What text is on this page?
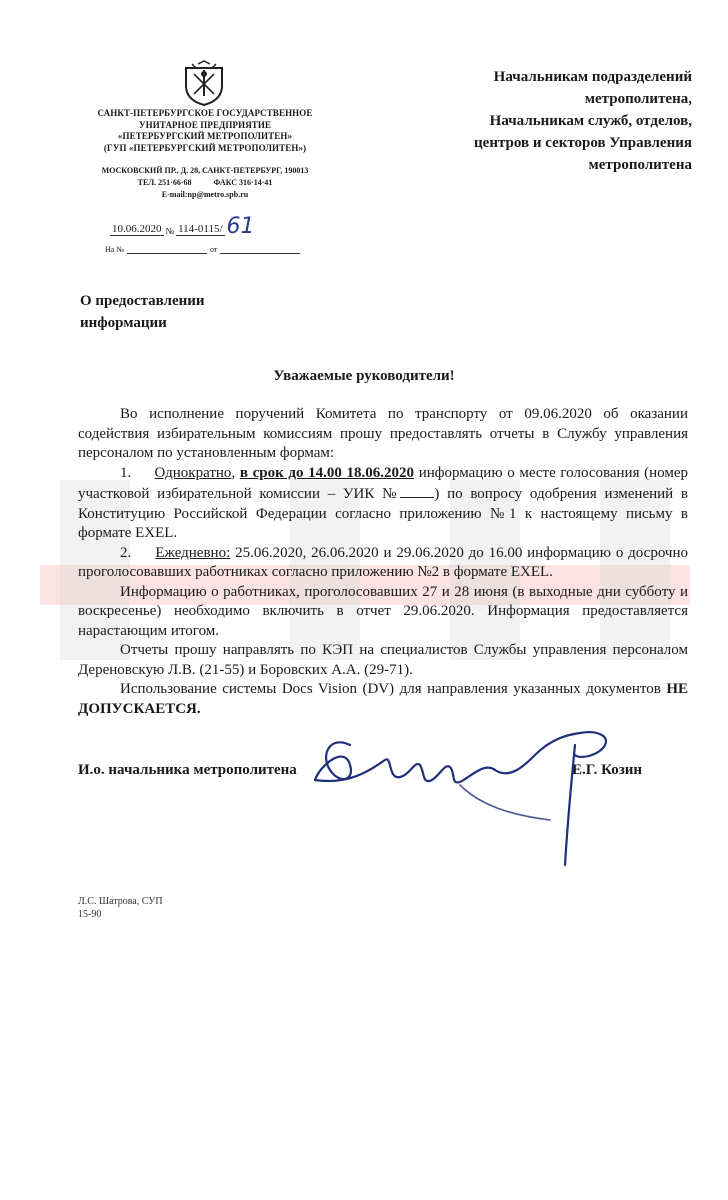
САНКТ-ПЕТЕРБУРГСКОЕ ГОСУДАРСТВЕННОЕ
УНИТАРНОЕ ПРЕДПРИЯТИЕ
«ПЕТЕРБУРГСКИЙ МЕТРОПОЛИТЕН»
(ГУП «ПЕТЕРБУРГСКИЙ МЕТРОПОЛИТЕН»)
МОСКОВСКИЙ ПР., Д. 28, САНКТ-ПЕТЕРБУРГ, 190013
ТЕЛ. 251·66·68	ФАКС 316·14·41
E-mail:np@metro.spb.ru
10.06.2020 № 114-0115/ 61
На №	от
Начальникам подразделений
метрополитена,
Начальникам служб, отделов,
центров и секторов Управления
метрополитена
О предоставлении
информации
Уважаемые руководители!

Во исполнение поручений Комитета по транспорту от 09.06.2020 об оказании содействия избирательным комиссиям прошу предоставлять отчеты в Службу управления персоналом по установленным формам:

1. Однократно, в срок до 14.00 18.06.2020 информацию о месте голосования (номер участковой избирательной комиссии – УИК № ) по вопросу одобрения изменений в Конституцию Российской Федерации согласно приложению №1 к настоящему письму в формате EXEL.

2. Ежедневно: 25.06.2020, 26.06.2020 и 29.06.2020 до 16.00 информацию о досрочно проголосовавших работниках согласно приложению №2 в формате EXEL.

Информацию о работниках, проголосовавших 27 и 28 июня (в выходные дни субботу и воскресенье) необходимо включить в отчет 29.06.2020. Информация предоставляется нарастающим итогом.

Отчеты прошу направлять по КЭП на специалистов Службы управления персоналом Дереновскую Л.В. (21-55) и Боровских А.А. (29-71).

Использование системы Docs Vision (DV) для направления указанных документов НЕ ДОПУСКАЕТСЯ.

И.о. начальника метрополитена	Е.Г. Козин
Л.С. Шатрова, СУП
15-90
